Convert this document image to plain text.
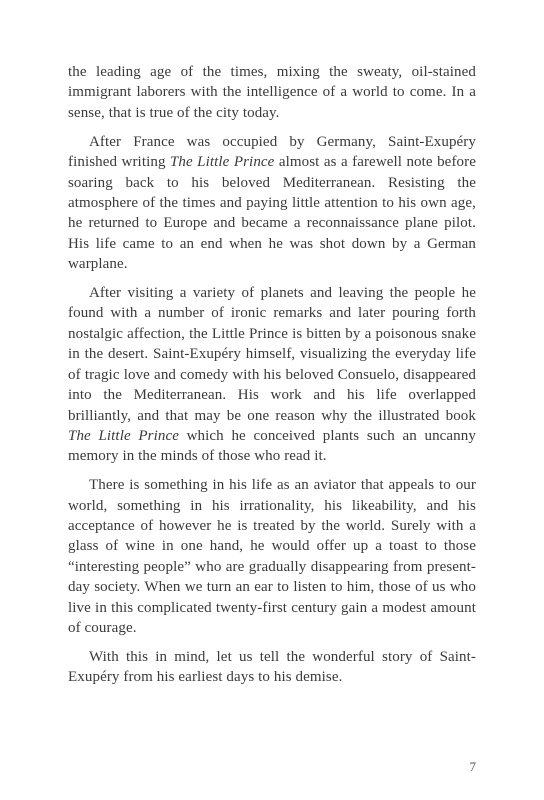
the leading age of the times, mixing the sweaty, oil-stained immigrant laborers with the intelligence of a world to come. In a sense, that is true of the city today.

After France was occupied by Germany, Saint-Exupéry finished writing The Little Prince almost as a farewell note before soaring back to his beloved Mediterranean. Resisting the atmosphere of the times and paying little attention to his own age, he returned to Europe and became a reconnaissance plane pilot. His life came to an end when he was shot down by a German warplane.

After visiting a variety of planets and leaving the people he found with a number of ironic remarks and later pouring forth nostalgic affection, the Little Prince is bitten by a poisonous snake in the desert. Saint-Exupéry himself, visualizing the everyday life of tragic love and comedy with his beloved Consuelo, disappeared into the Mediterranean. His work and his life overlapped brilliantly, and that may be one reason why the illustrated book The Little Prince which he conceived plants such an uncanny memory in the minds of those who read it.

There is something in his life as an aviator that appeals to our world, something in his irrationality, his likeability, and his acceptance of however he is treated by the world. Surely with a glass of wine in one hand, he would offer up a toast to those “interesting people” who are gradually disappearing from present-day society. When we turn an ear to listen to him, those of us who live in this complicated twenty-first century gain a modest amount of courage.

With this in mind, let us tell the wonderful story of Saint-Exupéry from his earliest days to his demise.

7
